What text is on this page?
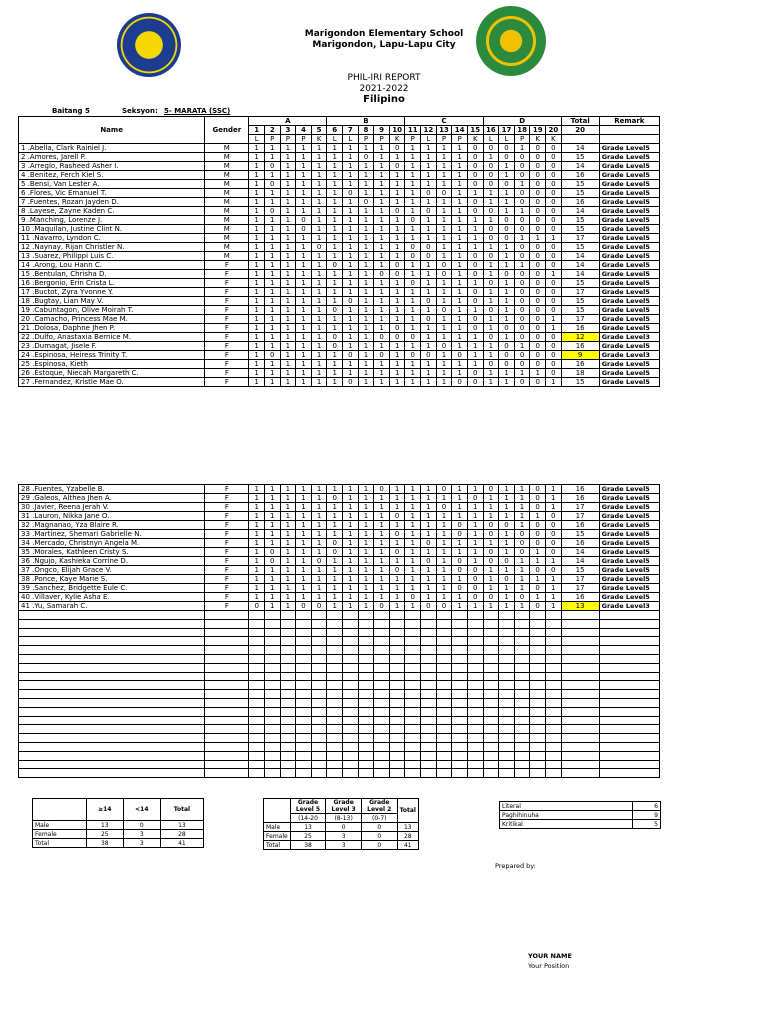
Marigondon Elementary School
Marigondon, Lapu-Lapu City
PHIL-IRI REPORT
2021-2022
Filipino
Baitang 5	Seksyon: 5- MARATA (SSC)
Name	Gender	A					B					C					D					Total	Remark
		1	2	3	4	5	6	7	8	9	10	11	12	13	14	15	16	17	18	19	20	20	
		L	P	P	P	K	L	L	P	P	K	P	L	P	P	K	L	L	P	K	K		
1 .Abella, Clark Rainiel J.	M	1	1	1	1	1	1	1	1	1	0	1	1	1	1	0	0	0	1	0	0	14	Grade Level5
2 .Amores, Jarell P.	M	1	1	1	1	1	1	1	0	1	1	1	1	1	1	0	1	0	0	0	0	15	Grade Level5
3 .Arreglo, Rasheed Asher I.	M	1	0	1	1	1	1	1	1	1	0	1	1	1	1	0	0	1	0	0	0	14	Grade Level5
4 .Benitez, Ferch Kiel S.	M	1	1	1	1	1	1	1	1	1	1	1	1	1	1	0	0	1	0	0	0	16	Grade Level5
5 .Bensi, Van Lester A.	M	1	0	1	1	1	1	1	1	1	1	1	1	1	1	0	0	0	1	0	0	15	Grade Level5
6 .Flores, Vic Emanuel T.	M	1	1	1	1	1	1	0	1	1	1	1	0	0	1	1	1	1	0	0	0	15	Grade Level5
7 .Fuentes, Rozan Jayden D.	M	1	1	1	1	1	1	1	0	1	1	1	1	1	1	0	1	1	0	0	0	16	Grade Level5
8 .Layese, Zayne Kaden C.	M	1	0	1	1	1	1	1	1	1	0	1	0	1	1	0	0	1	1	0	0	14	Grade Level5
9 .Manching, Lorenze J.	M	1	1	1	0	1	1	1	1	1	1	0	1	1	1	1	1	0	0	0	0	15	Grade Level5
10 .Maquilan, Justine Clint N.	M	1	1	1	0	1	1	1	1	1	1	1	1	1	1	1	0	0	0	0	0	15	Grade Level5
11 .Navarro, Lyndon C.	M	1	1	1	1	1	1	1	1	1	1	1	1	1	1	1	0	0	1	1	1	17	Grade Level5
12 .Naynay, Rijan Christler N.	M	1	1	1	1	0	1	1	1	1	1	0	0	1	1	1	1	1	0	0	0	15	Grade Level5
13 .Suarez, Philippi Luis C.	M	1	1	1	1	1	1	1	1	1	1	0	0	1	1	0	0	1	0	0	0	14	Grade Level5
14 .Arong, Lou Hann C.	F	1	1	1	1	1	0	1	1	1	0	1	1	0	1	0	1	1	1	0	0	14	Grade Level5
15 .Bentulan, Chrisha D.	F	1	1	1	1	1	1	1	1	0	0	1	1	0	1	0	1	0	0	0	1	14	Grade Level5
16 .Bergonio, Erin Crista L.	F	1	1	1	1	1	1	1	1	1	1	0	1	1	1	1	0	1	0	0	0	15	Grade Level5
17 .Buctot, Zyra Yvonne Y.	F	1	1	1	1	1	1	1	1	1	1	1	1	1	1	0	1	1	0	0	0	17	Grade Level5
18 .Bugtay, Lian May V.	F	1	1	1	1	1	1	0	1	1	1	1	0	1	1	0	1	1	0	0	0	15	Grade Level5
19 .Cabuntagon, Olive Moirah T.	F	1	1	1	1	1	0	1	1	1	1	1	1	0	1	1	0	1	0	0	0	15	Grade Level5
20 .Camacho, Princess Mae M.	F	1	1	1	1	1	1	1	1	1	1	1	0	1	1	0	1	1	0	0	1	17	Grade Level5
21 .Dolosa, Daphne Jhen P.	F	1	1	1	1	1	1	1	1	1	0	1	1	1	1	0	1	0	0	0	1	16	Grade Level5
22 .Dulfo, Anastaxia Bernice M.	F	1	1	1	1	1	0	1	1	0	0	0	1	1	1	1	0	1	0	0	0	12	Grade Level3
23 .Dumagat, Jisele F.	F	1	1	1	1	1	0	1	1	1	1	1	1	0	1	1	1	0	1	0	0	16	Grade Level5
24 .Espinosa, Heiress Trinity T.	F	1	0	1	1	1	1	0	1	0	1	0	0	1	0	1	1	0	0	0	0	9	Grade Level3
25 .Espinosa, Kieth	F	1	1	1	1	1	1	1	1	1	1	1	1	1	1	1	0	0	0	0	0	16	Grade Level5
26 .Estoque, Niecah Margareth C.	F	1	1	1	1	1	1	1	1	1	1	1	1	1	1	0	1	1	1	1	0	18	Grade Level5
27 .Fernandez, Kristle Mae O.	F	1	1	1	1	1	1	0	1	1	1	1	1	1	0	0	1	1	0	0	1	15	Grade Level5
28 .Fuentes, Yzabelle B.	F	1	1	1	1	1	1	1	1	0	1	1	1	0	1	1	0	1	1	0	1	16	Grade Level5
29 .Galeos, Althea Jhen A.	F	1	1	1	1	1	0	1	1	1	1	1	1	1	1	0	1	1	1	0	1	16	Grade Level5
30 .Javier, Reena Jerah V.	F	1	1	1	1	1	1	1	1	1	1	1	1	0	1	1	1	1	1	0	1	17	Grade Level5
31 .Lauron, Nikka Jane O.	F	1	1	1	1	1	1	1	1	1	0	1	1	1	1	1	1	1	1	1	0	17	Grade Level5
32 .Magnanao, Yza Blaire R.	F	1	1	1	1	1	1	1	1	1	1	1	1	1	0	1	0	0	1	0	0	16	Grade Level5
33 .Martinez, Shemari Gabrielle N.	F	1	1	1	1	1	1	1	1	1	0	1	1	1	0	1	0	1	0	0	0	15	Grade Level5
34 .Mercado, Christnyn Angela M.	F	1	1	1	1	1	0	1	1	1	1	1	0	1	1	1	1	1	0	0	0	16	Grade Level5
35 .Morales, Kathleen Cristy S.	F	1	0	1	1	1	0	1	1	1	0	1	1	1	1	1	0	1	0	1	0	14	Grade Level5
36 .Ngujo, Kashieka Corrine D.	F	1	0	1	1	0	1	1	1	1	1	1	0	1	0	1	0	0	1	1	1	14	Grade Level5
37 .Ongco, Elijah Grace V.	F	1	1	1	1	1	1	1	1	1	0	1	1	1	0	0	1	1	1	0	0	15	Grade Level5
38 .Ponce, Kaye Marie S.	F	1	1	1	1	1	1	1	1	1	1	1	1	1	1	0	1	0	1	1	1	17	Grade Level5
39 .Sanchez, Bridgette Eule C.	F	1	1	1	1	1	1	1	1	1	1	1	1	1	0	0	1	1	1	0	1	17	Grade Level5
40 .Villaver, Kylie Asha E.	F	1	1	1	1	1	1	1	1	1	1	0	1	1	1	0	0	1	0	1	1	16	Grade Level5
41 .Yu, Samarah C.	F	0	1	1	0	0	1	1	1	0	1	1	0	0	1	1	1	1	1	0	1	13	Grade Level3

	≥14	<14	Total
Male	13	0	13
Female	25	3	28
Total	38	3	41
	Grade Level 5	Grade Level 3	Grade Level 2	Total
	(14-20	(8-13)	(0-7)	
Male	13	0	0	13
Female	25	3	0	28
Total	38	3	0	41
Literal	6
Paghihinuha	9
Kritikal	5
Prepared by:
YOUR NAME
Your Position
